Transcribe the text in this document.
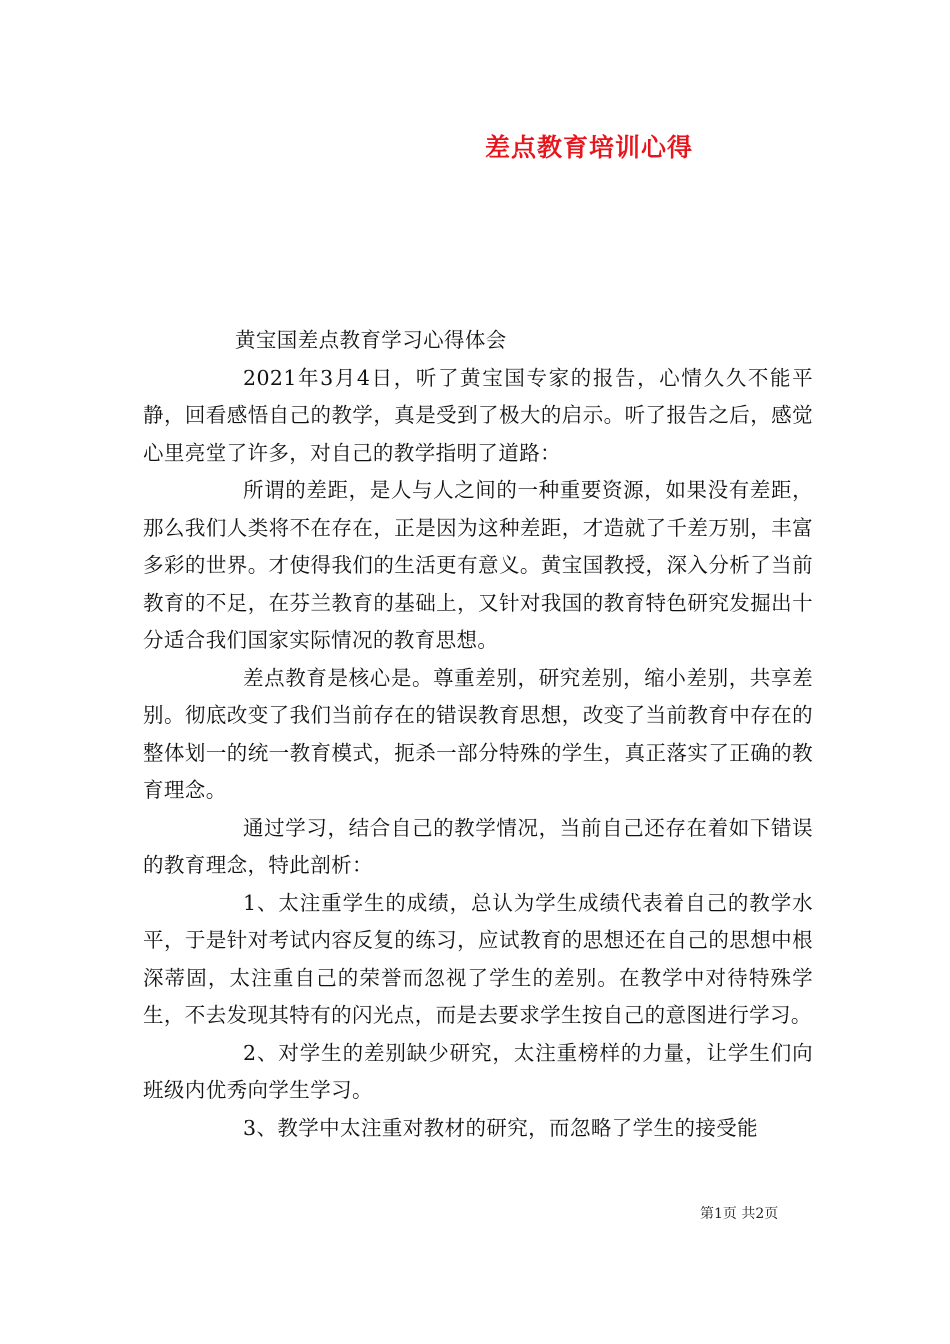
差点教育培训心得

黄宝国差点教育学习心得体会

2021年3月4日，听了黄宝国专家的报告，心情久久不能平静，回看感悟自己的教学，真是受到了极大的启示。听了报告之后，感觉心里亮堂了许多，对自己的教学指明了道路：

所谓的差距，是人与人之间的一种重要资源，如果没有差距，那么我们人类将不在存在，正是因为这种差距，才造就了千差万别，丰富多彩的世界。才使得我们的生活更有意义。黄宝国教授，深入分析了当前教育的不足，在芬兰教育的基础上，又针对我国的教育特色研究发掘出十分适合我们国家实际情况的教育思想。

差点教育是核心是。尊重差别，研究差别，缩小差别，共享差别。彻底改变了我们当前存在的错误教育思想，改变了当前教育中存在的整体划一的统一教育模式，扼杀一部分特殊的学生，真正落实了正确的教育理念。

通过学习，结合自己的教学情况，当前自己还存在着如下错误的教育理念，特此剖析：

1、太注重学生的成绩，总认为学生成绩代表着自己的教学水平，于是针对考试内容反复的练习，应试教育的思想还在自己的思想中根深蒂固，太注重自己的荣誉而忽视了学生的差别。在教学中对待特殊学生，不去发现其特有的闪光点，而是去要求学生按自己的意图进行学习。

2、对学生的差别缺少研究，太注重榜样的力量，让学生们向班级内优秀向学生学习。

3、教学中太注重对教材的研究，而忽略了学生的接受能

第1页 共2页
